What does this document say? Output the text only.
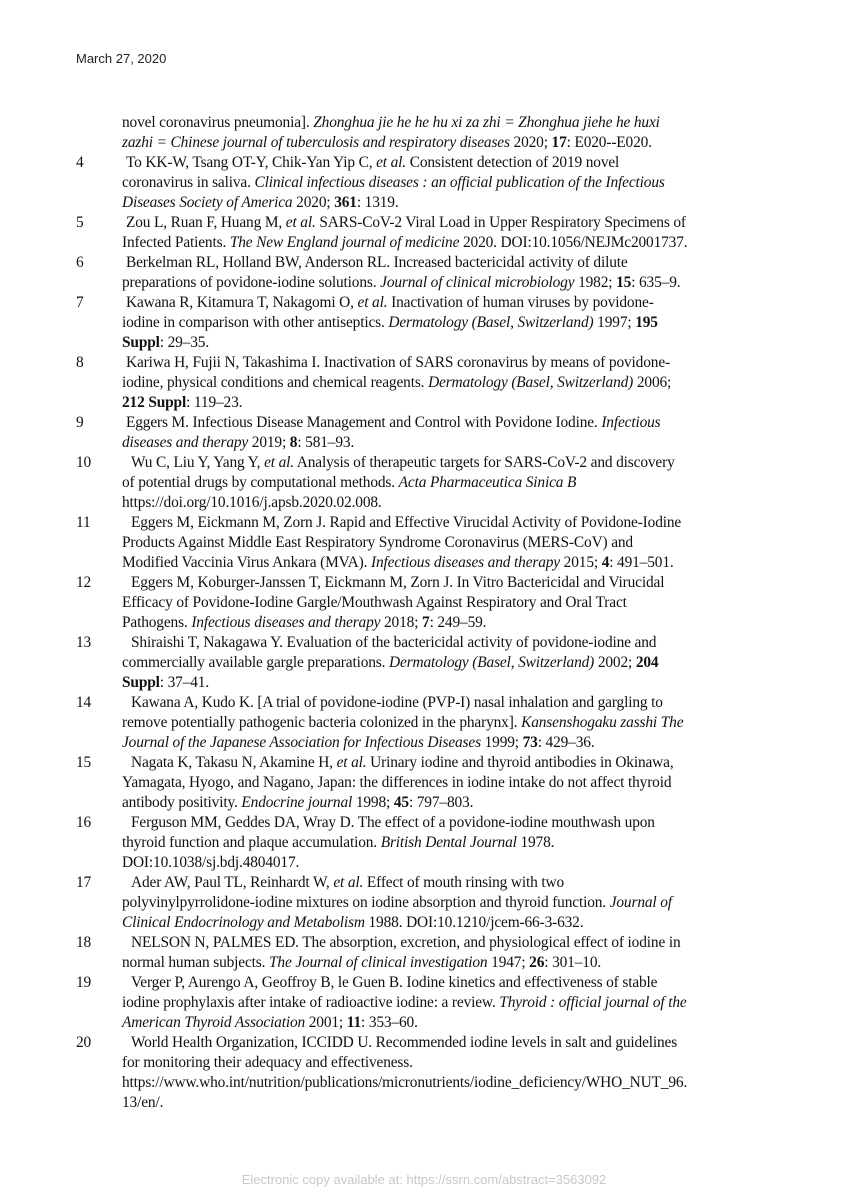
March 27, 2020
novel coronavirus pneumonia]. Zhonghua jie he he hu xi za zhi = Zhonghua jiehe he huxi
zazhi = Chinese journal of tuberculosis and respiratory diseases 2020; 17: E020--E020.
4	To KK-W, Tsang OT-Y, Chik-Yan Yip C, et al. Consistent detection of 2019 novel
coronavirus in saliva. Clinical infectious diseases : an official publication of the Infectious
Diseases Society of America 2020; 361: 1319.
5	Zou L, Ruan F, Huang M, et al. SARS-CoV-2 Viral Load in Upper Respiratory Specimens of
Infected Patients. The New England journal of medicine 2020. DOI:10.1056/NEJMc2001737.
6	Berkelman RL, Holland BW, Anderson RL. Increased bactericidal activity of dilute
preparations of povidone-iodine solutions. Journal of clinical microbiology 1982; 15: 635–9.
7	Kawana R, Kitamura T, Nakagomi O, et al. Inactivation of human viruses by povidone-
iodine in comparison with other antiseptics. Dermatology (Basel, Switzerland) 1997; 195
Suppl: 29–35.
8	Kariwa H, Fujii N, Takashima I. Inactivation of SARS coronavirus by means of povidone-
iodine, physical conditions and chemical reagents. Dermatology (Basel, Switzerland) 2006;
212 Suppl: 119–23.
9	Eggers M. Infectious Disease Management and Control with Povidone Iodine. Infectious
diseases and therapy 2019; 8: 581–93.
10	Wu C, Liu Y, Yang Y, et al. Analysis of therapeutic targets for SARS-CoV-2 and discovery
of potential drugs by computational methods. Acta Pharmaceutica Sinica B
https://doi.org/10.1016/j.apsb.2020.02.008.
11	Eggers M, Eickmann M, Zorn J. Rapid and Effective Virucidal Activity of Povidone-Iodine
Products Against Middle East Respiratory Syndrome Coronavirus (MERS-CoV) and
Modified Vaccinia Virus Ankara (MVA). Infectious diseases and therapy 2015; 4: 491–501.
12	Eggers M, Koburger-Janssen T, Eickmann M, Zorn J. In Vitro Bactericidal and Virucidal
Efficacy of Povidone-Iodine Gargle/Mouthwash Against Respiratory and Oral Tract
Pathogens. Infectious diseases and therapy 2018; 7: 249–59.
13	Shiraishi T, Nakagawa Y. Evaluation of the bactericidal activity of povidone-iodine and
commercially available gargle preparations. Dermatology (Basel, Switzerland) 2002; 204
Suppl: 37–41.
14	Kawana A, Kudo K. [A trial of povidone-iodine (PVP-I) nasal inhalation and gargling to
remove potentially pathogenic bacteria colonized in the pharynx]. Kansenshogaku zasshi The
Journal of the Japanese Association for Infectious Diseases 1999; 73: 429–36.
15	Nagata K, Takasu N, Akamine H, et al. Urinary iodine and thyroid antibodies in Okinawa,
Yamagata, Hyogo, and Nagano, Japan: the differences in iodine intake do not affect thyroid
antibody positivity. Endocrine journal 1998; 45: 797–803.
16	Ferguson MM, Geddes DA, Wray D. The effect of a povidone-iodine mouthwash upon
thyroid function and plaque accumulation. British Dental Journal 1978.
DOI:10.1038/sj.bdj.4804017.
17	Ader AW, Paul TL, Reinhardt W, et al. Effect of mouth rinsing with two
polyvinylpyrrolidone-iodine mixtures on iodine absorption and thyroid function. Journal of
Clinical Endocrinology and Metabolism 1988. DOI:10.1210/jcem-66-3-632.
18	NELSON N, PALMES ED. The absorption, excretion, and physiological effect of iodine in
normal human subjects. The Journal of clinical investigation 1947; 26: 301–10.
19	Verger P, Aurengo A, Geoffroy B, le Guen B. Iodine kinetics and effectiveness of stable
iodine prophylaxis after intake of radioactive iodine: a review. Thyroid : official journal of the
American Thyroid Association 2001; 11: 353–60.
20	World Health Organization, ICCIDD U. Recommended iodine levels in salt and guidelines
for monitoring their adequacy and effectiveness.
https://www.who.int/nutrition/publications/micronutrients/iodine_deficiency/WHO_NUT_96.
13/en/.
Electronic copy available at: https://ssrn.com/abstract=3563092
